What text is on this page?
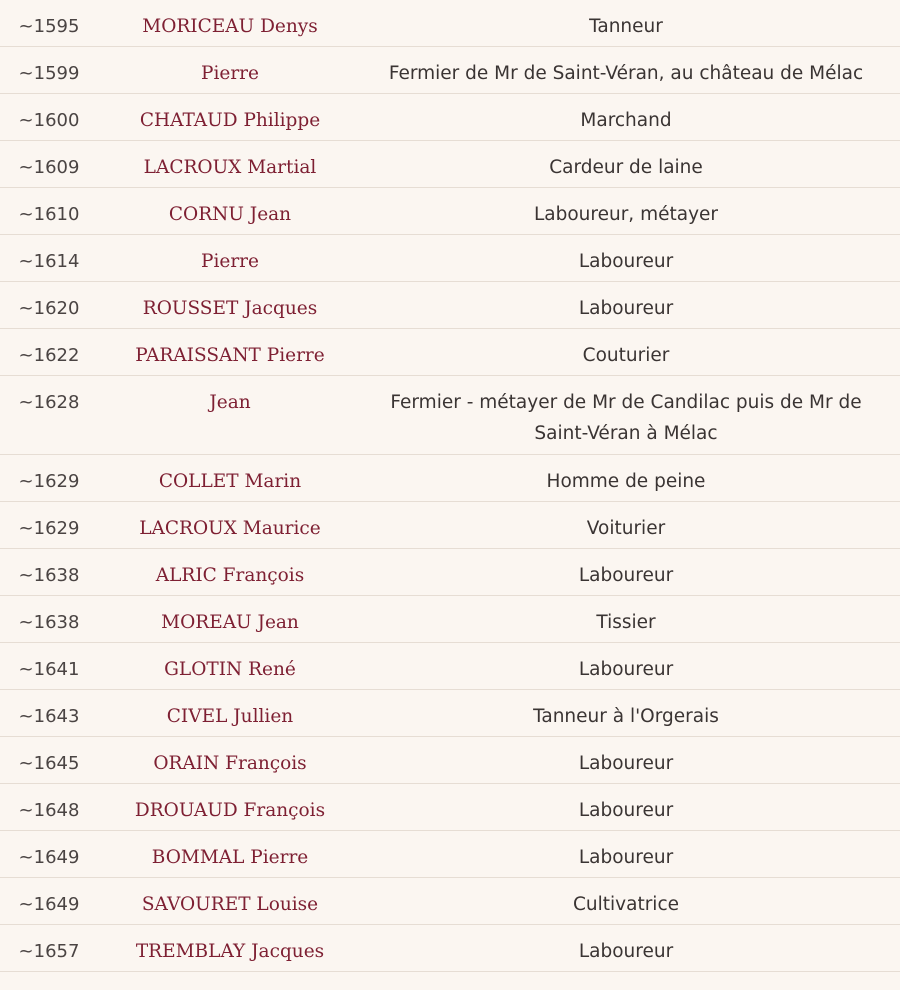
~1595	MORICEAU Denys	Tanneur
~1599	Pierre	Fermier de Mr de Saint-Véran, au château de Mélac
~1600	CHATAUD Philippe	Marchand
~1609	LACROUX Martial	Cardeur de laine
~1610	CORNU Jean	Laboureur, métayer
~1614	Pierre	Laboureur
~1620	ROUSSET Jacques	Laboureur
~1622	PARAISSANT Pierre	Couturier
~1628	Jean	Fermier - métayer de Mr de Candilac puis de Mr de Saint-Véran à Mélac
~1629	COLLET Marin	Homme de peine
~1629	LACROUX Maurice	Voiturier
~1638	ALRIC François	Laboureur
~1638	MOREAU Jean	Tissier
~1641	GLOTIN René	Laboureur
~1643	CIVEL Jullien	Tanneur à l'Orgerais
~1645	ORAIN François	Laboureur
~1648	DROUAUD François	Laboureur
~1649	BOMMAL Pierre	Laboureur
~1649	SAVOURET Louise	Cultivatrice
~1657	TREMBLAY Jacques	Laboureur
